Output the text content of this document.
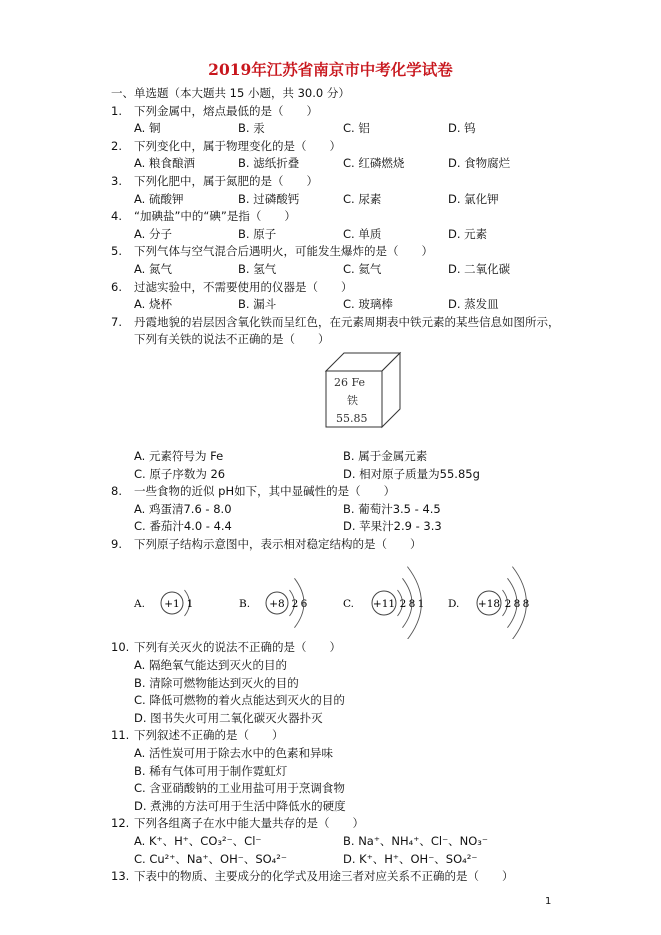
2019年江苏省南京市中考化学试卷
一、单选题（本大题共 15 小题，共 30.0 分）
1.	下列金属中，熔点最低的是（　　）
A. 铜	B. 汞	C. 铝	D. 钨
2.	下列变化中，属于物理变化的是（　　）
A. 粮食酿酒	B. 滤纸折叠	C. 红磷燃烧	D. 食物腐烂
3.	下列化肥中，属于氮肥的是（　　）
A. 硫酸钾	B. 过磷酸钙	C. 尿素	D. 氯化钾
4.	“加碘盐”中的“碘”是指（　　）
A. 分子	B. 原子	C. 单质	D. 元素
5.	下列气体与空气混合后遇明火，可能发生爆炸的是（　　）
A. 氮气	B. 氢气	C. 氦气	D. 二氧化碳
6.	过滤实验中，不需要使用的仪器是（　　）
A. 烧杯	B. 漏斗	C. 玻璃棒	D. 蒸发皿
7.	丹霞地貌的岩层因含氧化铁而呈红色，在元素周期表中铁元素的某些信息如图所示，
下列有关铁的说法不正确的是（　　）
26 Fe
铁
55.85
A. 元素符号为 Fe	B. 属于金属元素
C. 原子序数为 26	D. 相对原子质量为55.85g
8.	一些食物的近似 pH如下，其中显碱性的是（　　）
A. 鸡蛋清7.6 - 8.0	B. 葡萄汁3.5 - 4.5
C. 番茄汁4.0 - 4.4	D. 苹果汁2.9 - 3.3
9.	下列原子结构示意图中，表示相对稳定结构的是（　　）
A. +1 1	B. +8 2 6	C. +11 2 8 1 D. +18 2 8 8
10. 下列有关灭火的说法不正确的是（　　）
A. 隔绝氧气能达到灭火的目的
B. 清除可燃物能达到灭火的目的
C. 降低可燃物的着火点能达到灭火的目的
D. 图书失火可用二氧化碳灭火器扑灭
11. 下列叙述不正确的是（　　）
A. 活性炭可用于除去水中的色素和异味
B. 稀有气体可用于制作霓虹灯
C. 含亚硝酸钠的工业用盐可用于烹调食物
D. 煮沸的方法可用于生活中降低水的硬度
12. 下列各组离子在水中能大量共存的是（　　）
A. K⁺、H⁺、CO₃²⁻、Cl⁻	B. Na⁺、NH₄⁺、Cl⁻、NO₃⁻
C. Cu²⁺、Na⁺、OH⁻、SO₄²⁻	D. K⁺、H⁺、OH⁻、SO₄²⁻
13. 下表中的物质、主要成分的化学式及用途三者对应关系不正确的是（　　）
1
